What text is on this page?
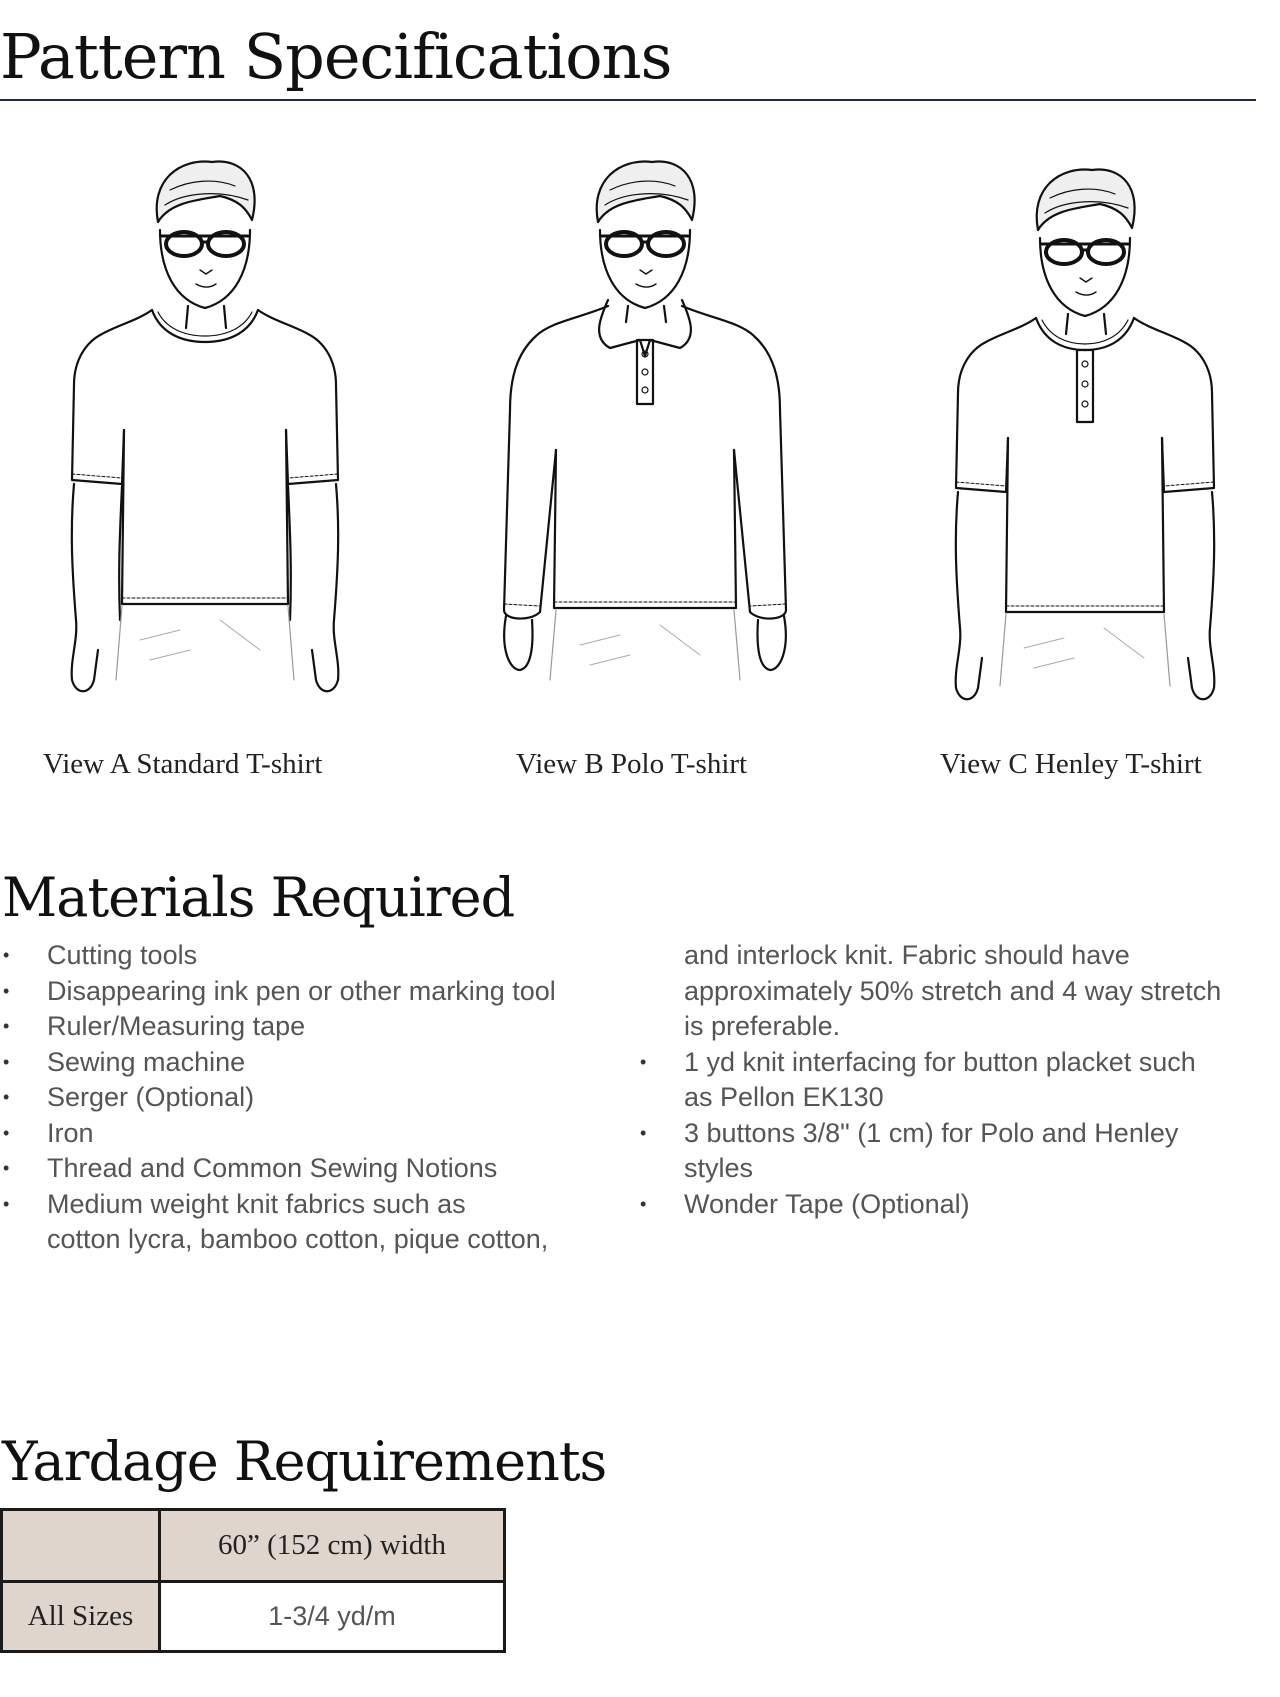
Pattern Specifications
View A Standard T-shirt	View B Polo T-shirt	View C Henley T-shirt
Materials Required
• Cutting tools
• Disappearing ink pen or other marking tool
• Ruler/Measuring tape
• Sewing machine
• Serger (Optional)
• Iron
• Thread and Common Sewing Notions
• Medium weight knit fabrics such as
cotton lycra, bamboo cotton, pique cotton,
and interlock knit. Fabric should have
approximately 50% stretch and 4 way stretch
is preferable.
• 1 yd knit interfacing for button placket such
as Pellon EK130
• 3 buttons 3/8" (1 cm) for Polo and Henley
styles
• Wonder Tape (Optional)
Yardage Requirements
	60” (152 cm) width
All Sizes	1-3/4 yd/m
